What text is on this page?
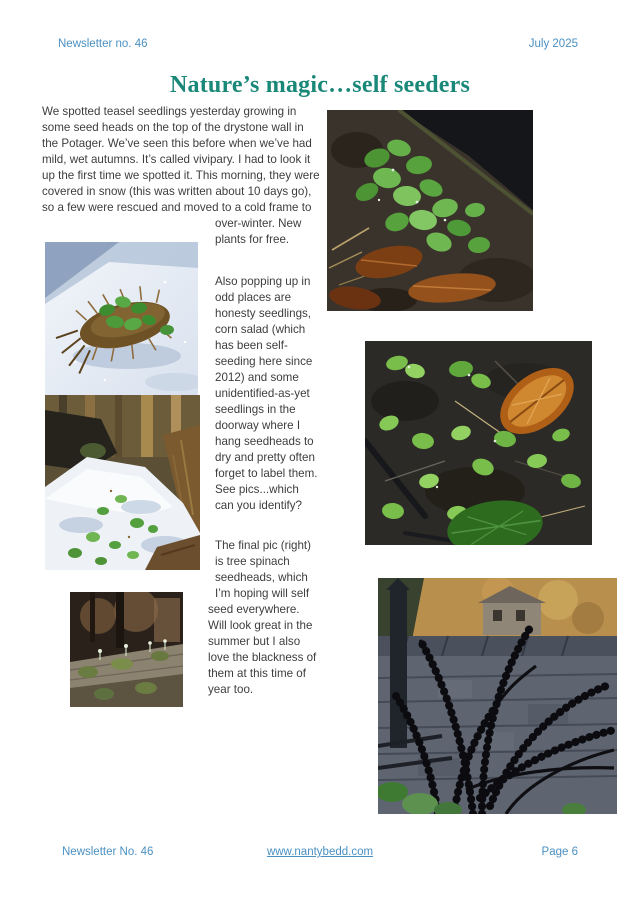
Newsletter no. 46	July 2025
Nature’s magic…self seeders

We spotted teasel seedlings yesterday growing in some seed heads on the top of the drystone wall in the Potager. We’ve seen this before when we’ve had mild, wet autumns. It’s called vivipary. I had to look it up the first time we spotted it. This morning, they were covered in snow (this was written about 10 days go), so a few were rescued and moved to a cold frame to over-winter. New plants for free.

Also popping up in odd places are honesty seedlings, corn salad (which has been self-seeding here since 2012) and some unidentified-as-yet seedlings in the doorway where I hang seedheads to dry and pretty often forget to label them. See pics...which can you identify?

The final pic (right) is tree spinach seedheads, which I’m hoping will self seed everywhere. Will look great in the summer but I also love the blackness of them at this time of year too.

Newsletter No. 46	www.nantybedd.com	Page 6
